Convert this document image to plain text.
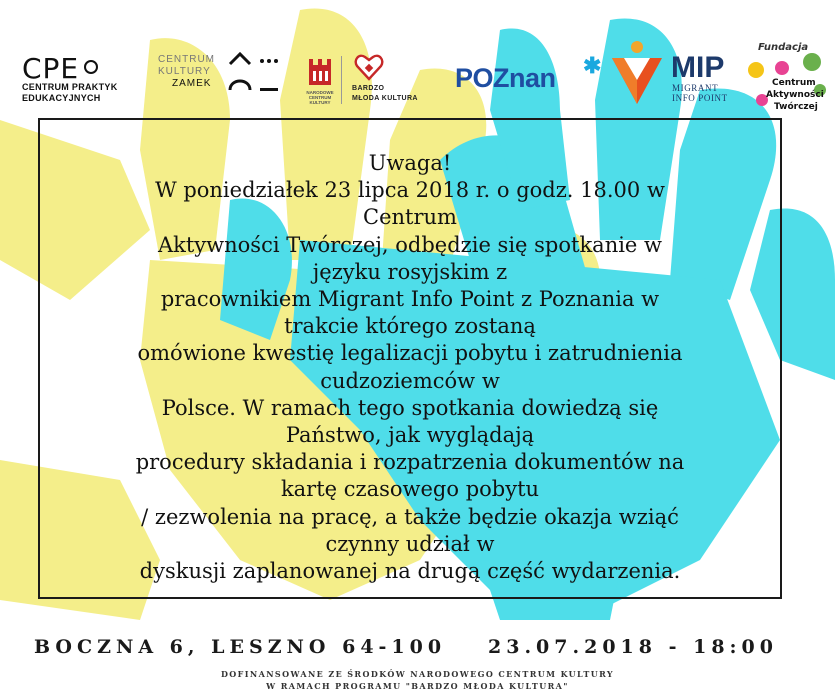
CPE
CENTRUM PRAKTYK EDUKACYJNYCH
CENTRUM
KULTURY
ZAMEK
NARODOWE CENTRUM KULTURY
BARDZO
MŁODA KULTURA
POZnan ✱ MIP
MIGRANT
INFO POINT
Fundacja
Centrum
Aktywności
Twórczej
Uwaga!
W poniedziałek 23 lipca 2018 r. o godz. 18.00 w
Centrum
Aktywności Twórczej, odbędzie się spotkanie w
języku rosyjskim z
pracownikiem Migrant Info Point z Poznania w
trakcie którego zostaną
omówione kwestię legalizacji pobytu i zatrudnienia
cudzoziemców w
Polsce. W ramach tego spotkania dowiedzą się
Państwo, jak wyglądają
procedury składania i rozpatrzenia dokumentów na
kartę czasowego pobytu
/ zezwolenia na pracę, a także będzie okazja wziąć
czynny udział w
dyskusji zaplanowanej na drugą część wydarzenia.
BOCZNA 6, LESZNO 64-100 23.07.2018 - 18:00
DOFINANSOWANE ZE ŚRODKÓW NARODOWEGO CENTRUM KULTURY
W RAMACH PROGRAMU "BARDZO MŁODA KULTURA"
